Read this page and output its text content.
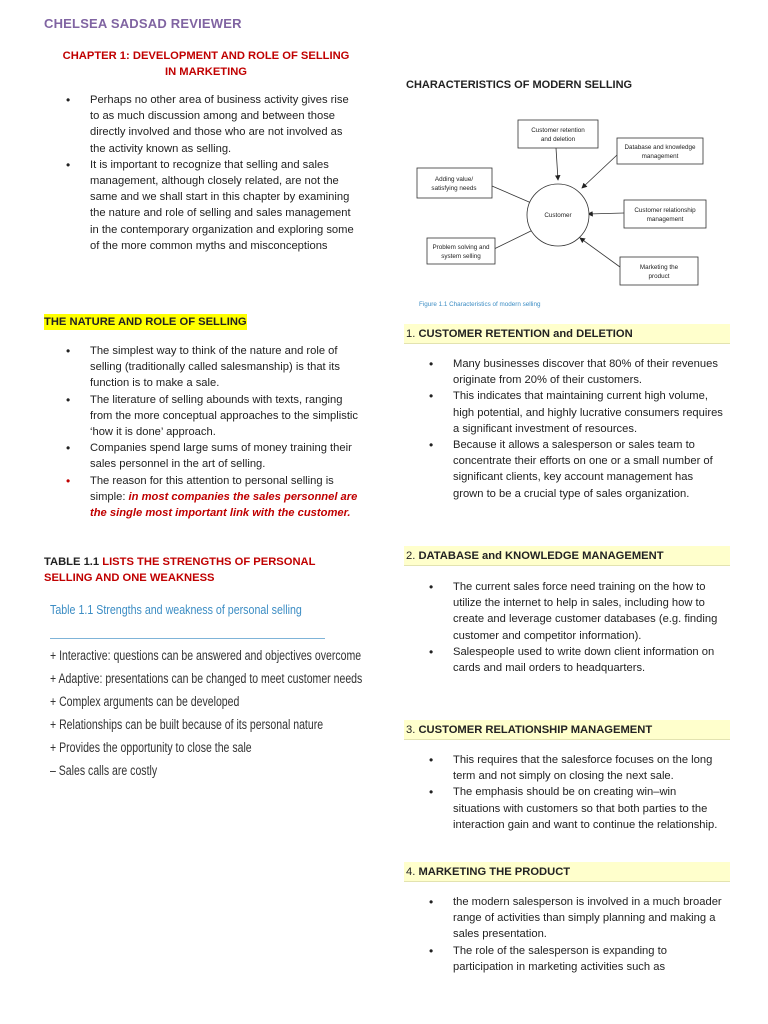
CHELSEA SADSAD REVIEWER
CHAPTER 1: DEVELOPMENT AND ROLE OF SELLING IN MARKETING
• Perhaps no other area of business activity gives rise to as much discussion among and between those directly involved and those who are not involved as the activity known as selling.
• It is important to recognize that selling and sales management, although closely related, are not the same and we shall start in this chapter by examining the nature and role of selling and sales management in the contemporary organization and exploring some of the more common myths and misconceptions
THE NATURE AND ROLE OF SELLING
• The simplest way to think of the nature and role of selling (traditionally called salesmanship) is that its function is to make a sale.
• The literature of selling abounds with texts, ranging from the more conceptual approaches to the simplistic ‘how it is done’ approach.
• Companies spend large sums of money training their sales personnel in the art of selling.
• The reason for this attention to personal selling is simple: in most companies the sales personnel are the single most important link with the customer.
TABLE 1.1 LISTS THE STRENGTHS OF PERSONAL SELLING AND ONE WEAKNESS
Table 1.1 Strengths and weakness of personal selling
+ Interactive: questions can be answered and objectives overcome
+ Adaptive: presentations can be changed to meet customer needs
+ Complex arguments can be developed
+ Relationships can be built because of its personal nature
+ Provides the opportunity to close the sale
– Sales calls are costly
CHARACTERISTICS OF MODERN SELLING
Customer retention
and deletion
Database and knowledge
management
Adding value/
satisfying needs
Customer relationship
management
Problem solving and
system selling
Marketing the
product
Customer
Figure 1.1 Characteristics of modern selling
1. CUSTOMER RETENTION and DELETION
• Many businesses discover that 80% of their revenues originate from 20% of their customers.
• This indicates that maintaining current high volume, high potential, and highly lucrative consumers requires a significant investment of resources.
• Because it allows a salesperson or sales team to concentrate their efforts on one or a small number of significant clients, key account management has grown to be a crucial type of sales organization.
2. DATABASE and KNOWLEDGE MANAGEMENT
• The current sales force need training on the how to utilize the internet to help in sales, including how to create and leverage customer databases (e.g. finding customer and competitor information).
• Salespeople used to write down client information on cards and mail orders to headquarters.
3. CUSTOMER RELATIONSHIP MANAGEMENT
• This requires that the salesforce focuses on the long term and not simply on closing the next sale.
• The emphasis should be on creating win–win situations with customers so that both parties to the interaction gain and want to continue the relationship.
4. MARKETING THE PRODUCT
• the modern salesperson is involved in a much broader range of activities than simply planning and making a sales presentation.
• The role of the salesperson is expanding to participation in marketing activities such as
